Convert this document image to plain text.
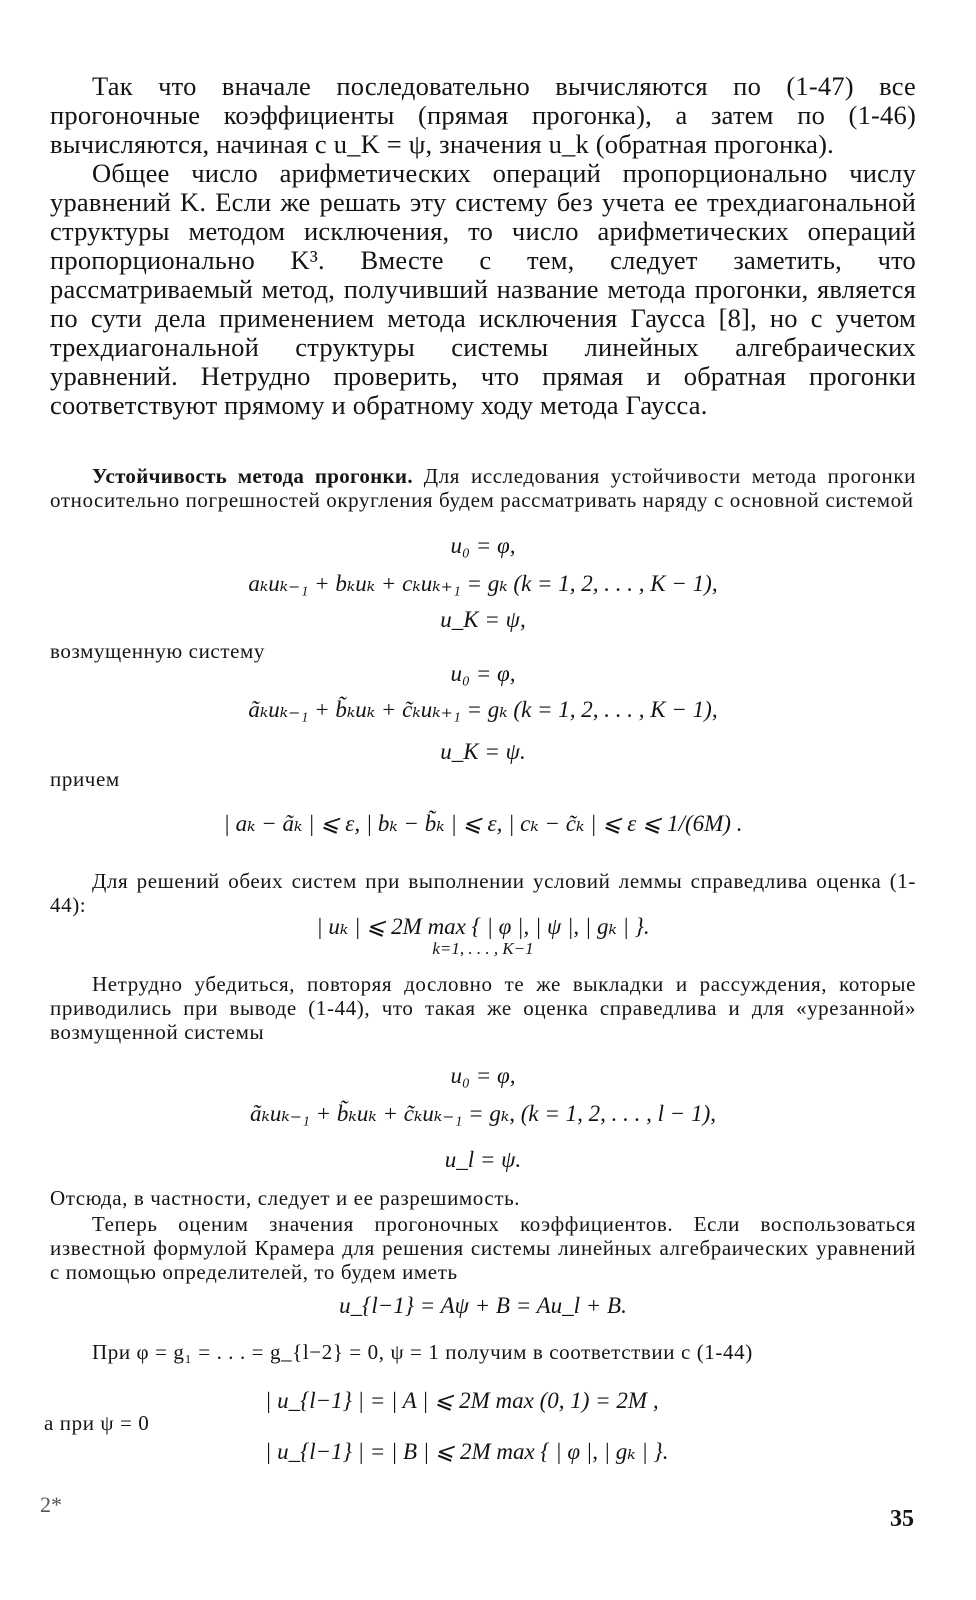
Так что вначале последовательно вычисляются по (1-47) все прогоночные коэффициенты (прямая прогонка), а затем по (1-46) вычисляются, начиная с u_K = ψ, значения u_k (обратная прогонка).

Общее число арифметических операций пропорционально числу уравнений K. Если же решать эту систему без учета ее трехдиагональной структуры методом исключения, то число арифметических операций пропорционально K³. Вместе с тем, следует заметить, что рассматриваемый метод, получивший название метода прогонки, является по сути дела применением метода исключения Гаусса [8], но с учетом трехдиагональной структуры системы линейных алгебраических уравнений. Нетрудно проверить, что прямая и обратная прогонки соответствуют прямому и обратному ходу метода Гаусса.

Устойчивость метода прогонки. Для исследования устойчивости метода прогонки относительно погрешностей округления будем рассматривать наряду с основной системой

u₀ = φ,
aₖuₖ₋₁ + bₖuₖ + cₖuₖ₊₁ = gₖ (k = 1, 2, . . . , K − 1),
u_K = ψ,
возмущенную систему
u₀ = φ,
ãₖuₖ₋₁ + b̃ₖuₖ + c̃ₖuₖ₊₁ = gₖ (k = 1, 2, . . . , K − 1),
u_K = ψ.
причем
| aₖ − ãₖ | ⩽ ε, | bₖ − b̃ₖ | ⩽ ε, | cₖ − c̃ₖ | ⩽ ε ⩽ 1/(6M) .

Для решений обеих систем при выполнении условий леммы справедлива оценка (1-44):

| uₖ | ⩽ 2M max { | φ |, | ψ |, | gₖ | }.
k=1, . . . , K−1

Нетрудно убедиться, повторяя дословно те же выкладки и рассуждения, которые приводились при выводе (1-44), что такая же оценка справедлива и для «урезанной» возмущенной системы

u₀ = φ,
ãₖuₖ₋₁ + b̃ₖuₖ + c̃ₖuₖ₋₁ = gₖ, (k = 1, 2, . . . , l − 1),
u_l = ψ.

Отсюда, в частности, следует и ее разрешимость.

Теперь оценим значения прогоночных коэффициентов. Если воспользоваться известной формулой Крамера для решения системы линейных алгебраических уравнений с помощью определителей, то будем иметь

u_{l−1} = Aψ + B = Au_l + B.

При φ = g₁ = . . . = g_{l−2} = 0, ψ = 1 получим в соответствии с (1-44)

| u_{l−1} | = | A | ⩽ 2M max (0, 1) = 2M ,
а при ψ = 0
| u_{l−1} | = | B | ⩽ 2M max { | φ |, | gₖ | }.
2*
35
